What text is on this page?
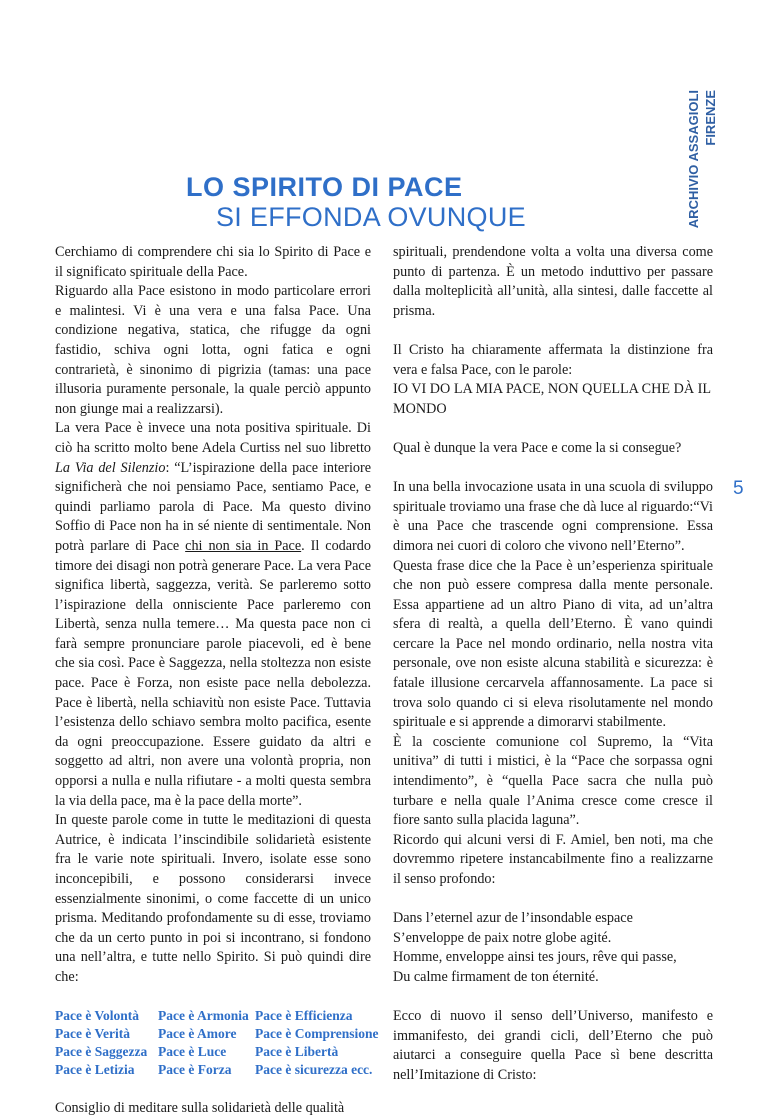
ARCHIVIO ASSAGIOLI FIRENZE
LO SPIRITO DI PACE
SI EFFONDA OVUNQUE

Cerchiamo di comprendere chi sia lo Spirito di Pace e il significato spirituale della Pace.

Riguardo alla Pace esistono in modo particolare errori e malintesi. Vi è una vera e una falsa Pace. Una condizione negativa, statica, che rifugge da ogni fastidio, schiva ogni lotta, ogni fatica e ogni contrarietà, è sinonimo di pigrizia (tamas: una pace illusoria puramente personale, la quale perciò appunto non giunge mai a realizzarsi).

La vera Pace è invece una nota positiva spirituale. Di ciò ha scritto molto bene Adela Curtiss nel suo libretto La Via del Silenzio: “L’ispirazione della pace interiore significherà che noi pensiamo Pace, sentiamo Pace, e quindi parliamo parola di Pace. Ma questo divino Soffio di Pace non ha in sé niente di sentimentale. Non potrà parlare di Pace chi non sia in Pace. Il codardo timore dei disagi non potrà generare Pace. La vera Pace significa libertà, saggezza, verità. Se parleremo sotto l’ispirazione della onnisciente Pace parleremo con Libertà, senza nulla temere… Ma questa pace non ci farà sempre pronunciare parole piacevoli, ed è bene che sia così. Pace è Saggezza, nella stoltezza non esiste pace. Pace è Forza, non esiste pace nella debolezza. Pace è libertà, nella schiavitù non esiste Pace. Tuttavia l’esistenza dello schiavo sembra molto pacifica, esente da ogni preoccupazione. Essere guidato da altri e soggetto ad altri, non avere una volontà propria, non opporsi a nulla e nulla rifiutare - a molti questa sembra la via della pace, ma è la pace della morte”.

In queste parole come in tutte le meditazioni di questa Autrice, è indicata l’inscindibile solidarietà esistente fra le varie note spirituali. Invero, isolate esse sono inconcepibili, e possono considerarsi invece essenzialmente sinonimi, o come faccette di un unico prisma. Meditando profondamente su di esse, troviamo che da un certo punto in poi si incontrano, si fondono una nell’altra, e tutte nello Spirito. Si può quindi dire che:

Pace è Volontà	Pace è Armonia Pace è Efficienza
Pace è Verità	Pace è Amore	Pace è Comprensione
Pace è Saggezza Pace è Luce	Pace è Libertà
Pace è Letizia	Pace è Forza	Pace è sicurezza ecc.

Consiglio di meditare sulla solidarietà delle qualità

spirituali, prendendone volta a volta una diversa come punto di partenza. È un metodo induttivo per passare dalla molteplicità all’unità, alla sintesi, dalle faccette al prisma.

Il Cristo ha chiaramente affermata la distinzione fra vera e falsa Pace, con le parole:

IO VI DO LA MIA PACE, NON QUELLA CHE DÀ IL MONDO

Qual è dunque la vera Pace e come la si consegue?

In una bella invocazione usata in una scuola di sviluppo spirituale troviamo una frase che dà luce al riguardo:“Vi è una Pace che trascende ogni comprensione. Essa dimora nei cuori di coloro che vivono nell’Eterno”.

Questa frase dice che la Pace è un’esperienza spirituale che non può essere compresa dalla mente personale. Essa appartiene ad un altro Piano di vita, ad un’altra sfera di realtà, a quella dell’Eterno. È vano quindi cercare la Pace nel mondo ordinario, nella nostra vita personale, ove non esiste alcuna stabilità e sicurezza: è fatale illusione cercarvela affannosamente. La pace si trova solo quando ci si eleva risolutamente nel mondo spirituale e si apprende a dimorarvi stabilmente.

È la cosciente comunione col Supremo, la “Vita unitiva” di tutti i mistici, è la “Pace che sorpassa ogni intendimento”, è “quella Pace sacra che nulla può turbare e nella quale l’Anima cresce come cresce il fiore santo sulla placida laguna”.

Ricordo qui alcuni versi di F. Amiel, ben noti, ma che dovremmo ripetere instancabilmente fino a realizzarne il senso profondo:

Dans l’eternel azur de l’insondable espace
S’enveloppe de paix notre globe agité.
Homme, enveloppe ainsi tes jours, rêve qui passe,
Du calme firmament de ton éternité.

Ecco di nuovo il senso dell’Universo, manifesto e immanifesto, dei grandi cicli, dell’Eterno che può aiutarci a conseguire quella Pace sì bene descritta nell’Imitazione di Cristo:

5
